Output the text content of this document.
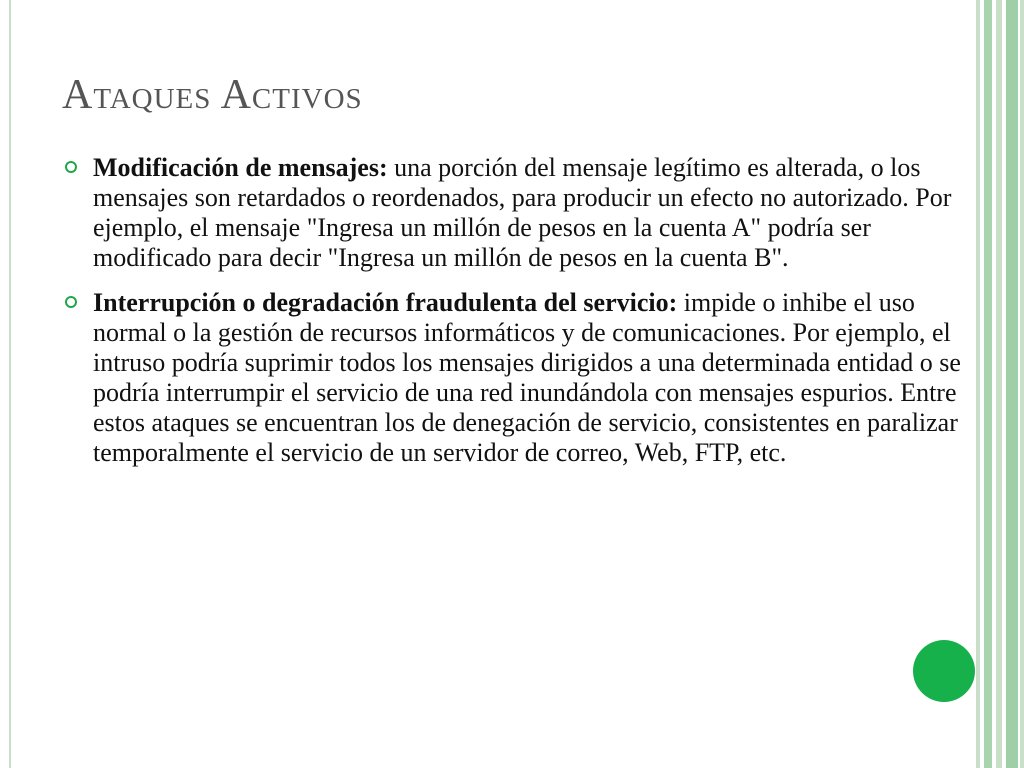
Ataques Activos
Modificación de mensajes: una porción del mensaje legítimo es alterada, o los mensajes son retardados o reordenados, para producir un efecto no autorizado. Por ejemplo, el mensaje "Ingresa un millón de pesos en la cuenta A" podría ser modificado para decir "Ingresa un millón de pesos en la cuenta B".
Interrupción o degradación fraudulenta del servicio: impide o inhibe el uso normal o la gestión de recursos informáticos y de comunicaciones. Por ejemplo, el intruso podría suprimir todos los mensajes dirigidos a una determinada entidad o se podría interrumpir el servicio de una red inundándola con mensajes espurios. Entre estos ataques se encuentran los de denegación de servicio, consistentes en paralizar temporalmente el servicio de un servidor de correo, Web, FTP, etc.
